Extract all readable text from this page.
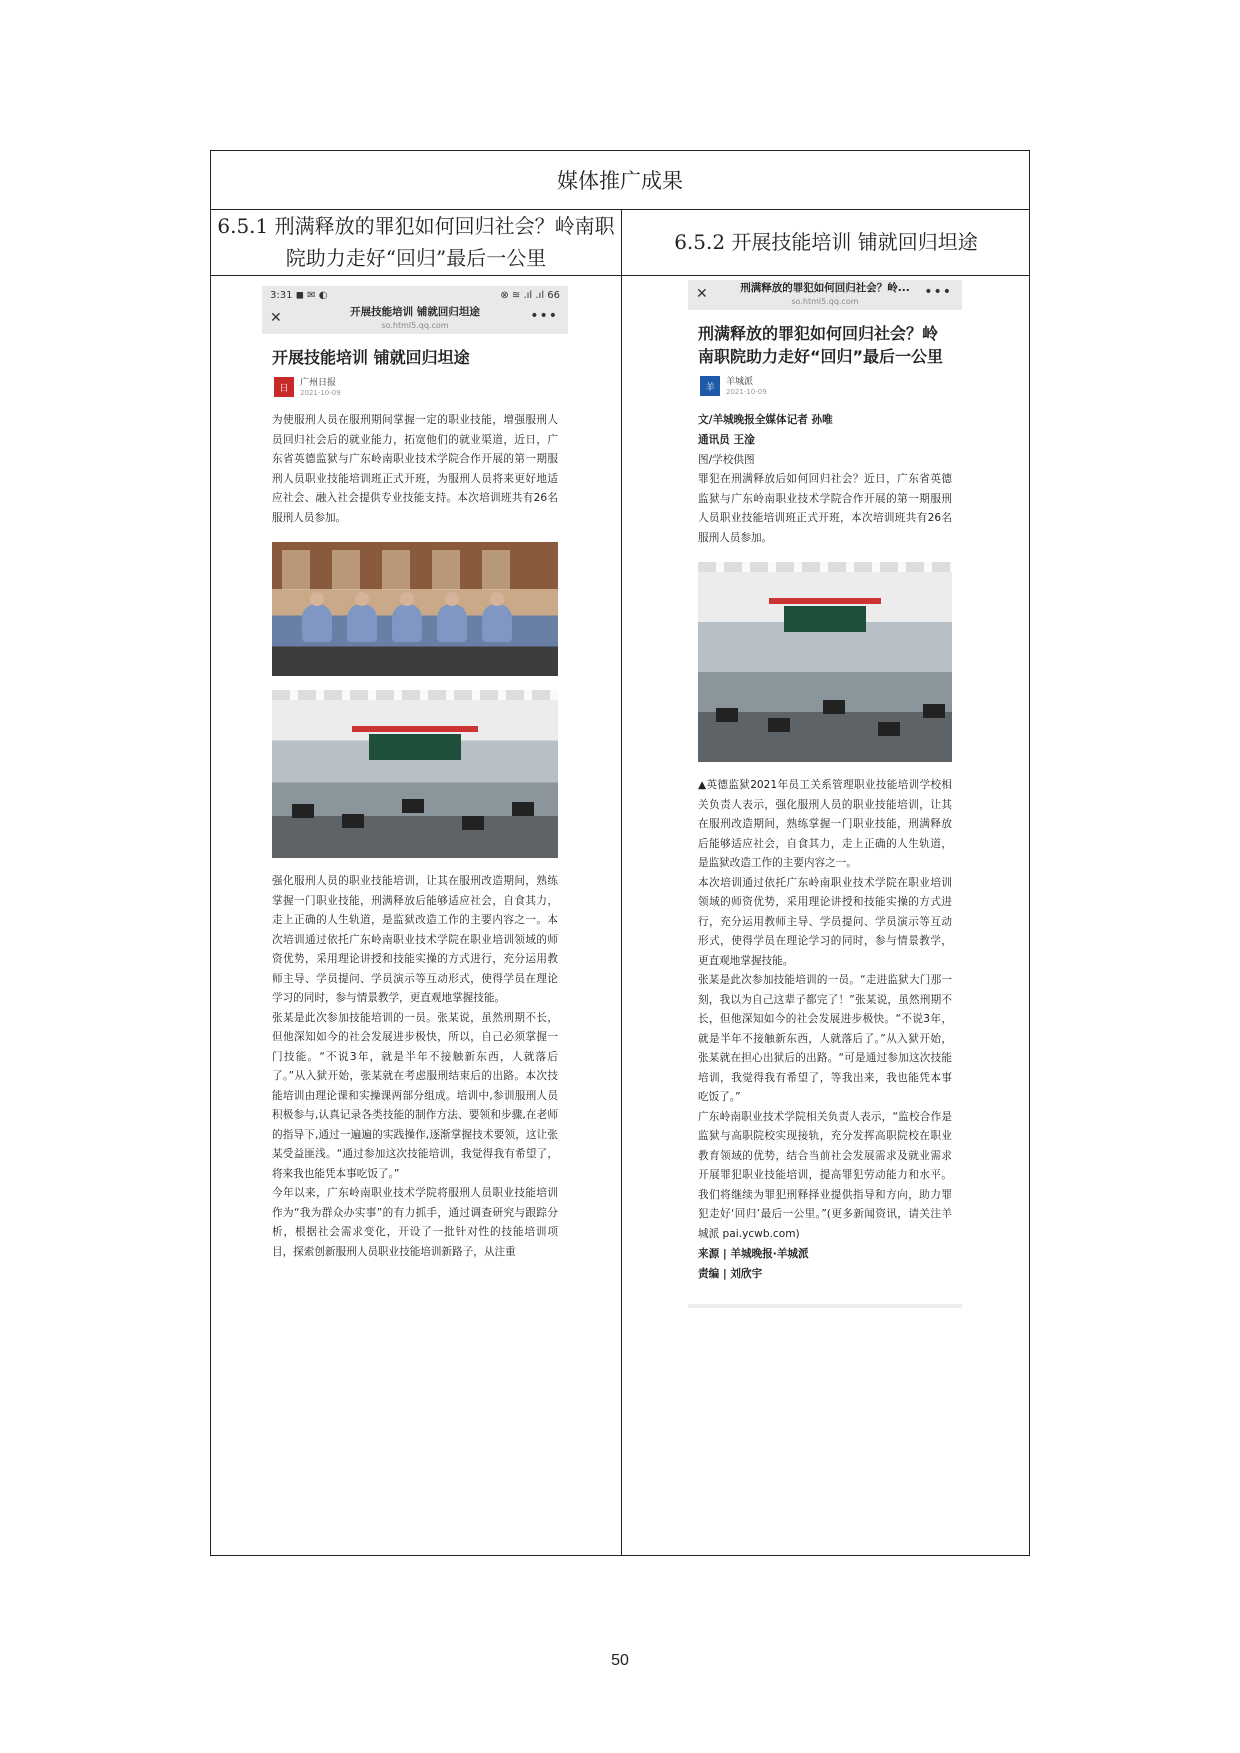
媒体推广成果
6.5.1 刑满释放的罪犯如何回归社会？岭南职院助力走好“回归”最后一公里
6.5.2 开展技能培训 铺就回归坦途
3:31 ◼ ✉ ◐	⊗ ≋ .ıl .ıl 66
✕	开展技能培训 铺就回归坦途
so.html5.qq.com
•••
开展技能培训 铺就回归坦途
日
广州日报
2021-10-09

为使服刑人员在服刑期间掌握一定的职业技能，增强服刑人员回归社会后的就业能力，拓宽他们的就业渠道，近日，广东省英德监狱与广东岭南职业技术学院合作开展的第一期服刑人员职业技能培训班正式开班，为服刑人员将来更好地适应社会、融入社会提供专业技能支持。本次培训班共有26名服刑人员参加。

强化服刑人员的职业技能培训，让其在服刑改造期间，熟练掌握一门职业技能，刑满释放后能够适应社会，自食其力，走上正确的人生轨道，是监狱改造工作的主要内容之一。本次培训通过依托广东岭南职业技术学院在职业培训领域的师资优势，采用理论讲授和技能实操的方式进行，充分运用教师主导、学员提问、学员演示等互动形式，使得学员在理论学习的同时，参与情景教学，更直观地掌握技能。

张某是此次参加技能培训的一员。张某说，虽然刑期不长，但他深知如今的社会发展进步极快，所以，自己必须掌握一门技能。“不说3年，就是半年不接触新东西，人就落后了。”从入狱开始，张某就在考虑服刑结束后的出路。本次技能培训由理论课和实操课两部分组成。培训中,参训服刑人员积极参与,认真记录各类技能的制作方法、要领和步骤,在老师的指导下,通过一遍遍的实践操作,逐渐掌握技术要领，这让张某受益匪浅。“通过参加这次技能培训，我觉得我有希望了，将来我也能凭本事吃饭了。”

今年以来，广东岭南职业技术学院将服刑人员职业技能培训作为“我为群众办实事”的有力抓手，通过调查研究与跟踪分析，根据社会需求变化，开设了一批针对性的技能培训项目，探索创新服刑人员职业技能培训新路子，从注重

✕	刑满释放的罪犯如何回归社会？岭...
so.html5.qq.com
•••
刑满释放的罪犯如何回归社会？岭南职院助力走好“回归”最后一公里
羊
羊城派
2021-10-09
文/羊城晚报全媒体记者 孙唯
通讯员 王淦
图/学校供图

罪犯在刑满释放后如何回归社会？近日，广东省英德监狱与广东岭南职业技术学院合作开展的第一期服刑人员职业技能培训班正式开班，本次培训班共有26名服刑人员参加。

▲英德监狱2021年员工关系管理职业技能培训学校相关负责人表示，强化服刑人员的职业技能培训，让其在服刑改造期间，熟练掌握一门职业技能，刑满释放后能够适应社会，自食其力，走上正确的人生轨道，是监狱改造工作的主要内容之一。

本次培训通过依托广东岭南职业技术学院在职业培训领域的师资优势，采用理论讲授和技能实操的方式进行，充分运用教师主导、学员提问、学员演示等互动形式，使得学员在理论学习的同时，参与情景教学，更直观地掌握技能。

张某是此次参加技能培训的一员。“走进监狱大门那一刻，我以为自己这辈子都完了！”张某说，虽然刑期不长，但他深知如今的社会发展进步极快。“不说3年，就是半年不接触新东西，人就落后了。”从入狱开始，张某就在担心出狱后的出路。“可是通过参加这次技能培训，我觉得我有希望了，等我出来，我也能凭本事吃饭了。”

广东岭南职业技术学院相关负责人表示，“监校合作是监狱与高职院校实现接轨，充分发挥高职院校在职业教育领域的优势，结合当前社会发展需求及就业需求开展罪犯职业技能培训，提高罪犯劳动能力和水平。我们将继续为罪犯刑释择业提供指导和方向，助力罪犯走好‘回归’最后一公里。”(更多新闻资讯，请关注羊城派 pai.ycwb.com)

来源 | 羊城晚报·羊城派
责编 | 刘欣宇
50
